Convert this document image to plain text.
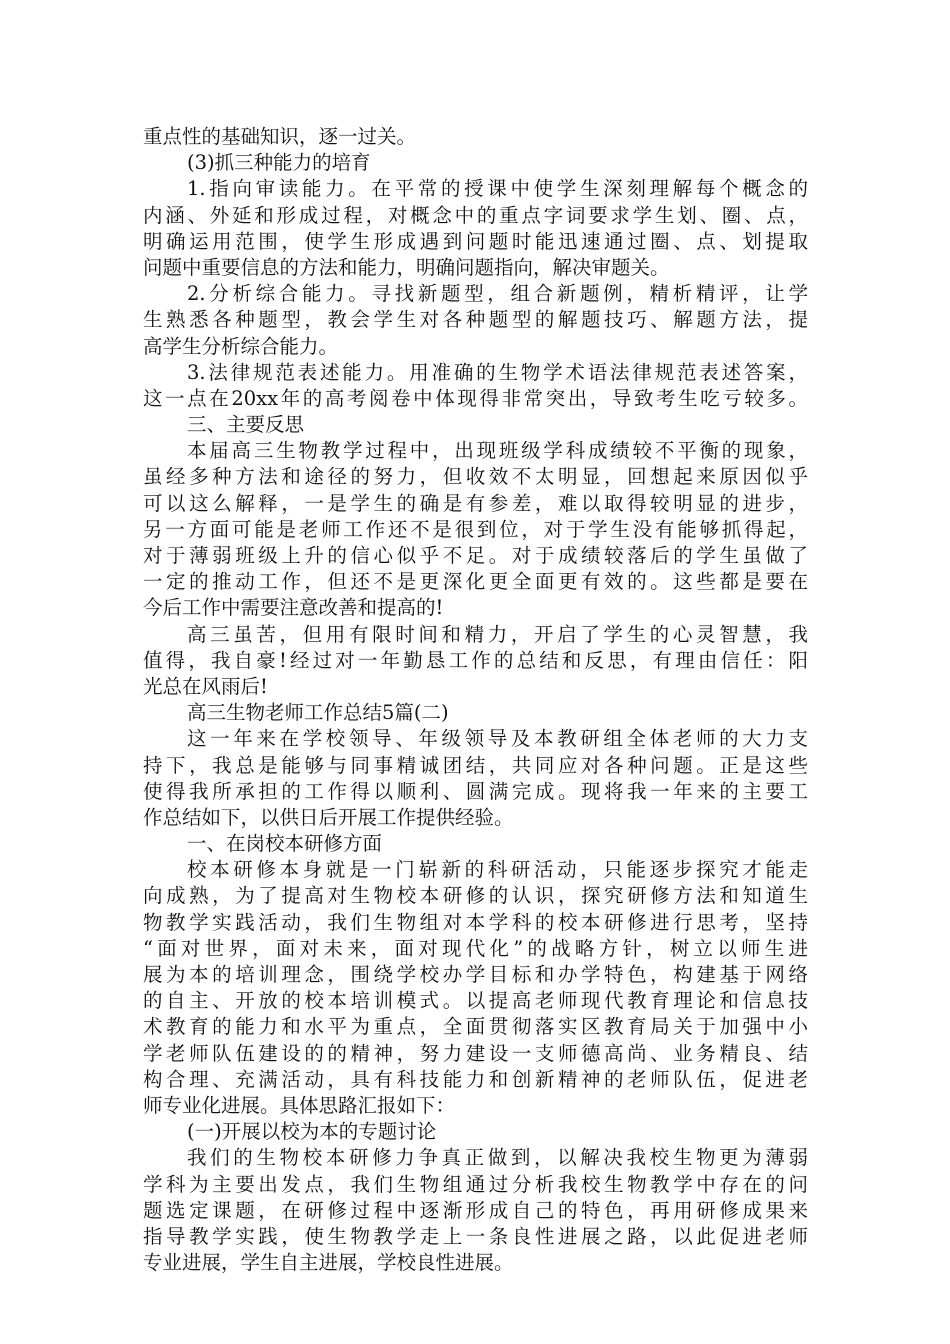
重点性的基础知识，逐一过关。
(3)抓三种能力的培育
1.指向审读能力。在平常的授课中使学生深刻理解每个概念的
内涵、外延和形成过程，对概念中的重点字词要求学生划、圈、点，
明确运用范围，使学生形成遇到问题时能迅速通过圈、点、划提取
问题中重要信息的方法和能力，明确问题指向，解决审题关。
2.分析综合能力。寻找新题型，组合新题例，精析精评，让学
生熟悉各种题型，教会学生对各种题型的解题技巧、解题方法，提
高学生分析综合能力。
3.法律规范表述能力。用准确的生物学术语法律规范表述答案，
这一点在20xx年的高考阅卷中体现得非常突出，导致考生吃亏较多。
三、主要反思
本届高三生物教学过程中，出现班级学科成绩较不平衡的现象，
虽经多种方法和途径的努力，但收效不太明显，回想起来原因似乎
可以这么解释，一是学生的确是有参差，难以取得较明显的进步，
另一方面可能是老师工作还不是很到位，对于学生没有能够抓得起，
对于薄弱班级上升的信心似乎不足。对于成绩较落后的学生虽做了
一定的推动工作，但还不是更深化更全面更有效的。这些都是要在
今后工作中需要注意改善和提高的!
高三虽苦，但用有限时间和精力，开启了学生的心灵智慧，我
值得，我自豪!经过对一年勤恳工作的总结和反思，有理由信任：阳
光总在风雨后!
高三生物老师工作总结5篇(二)
这一年来在学校领导、年级领导及本教研组全体老师的大力支
持下，我总是能够与同事精诚团结，共同应对各种问题。正是这些
使得我所承担的工作得以顺利、圆满完成。现将我一年来的主要工
作总结如下，以供日后开展工作提供经验。
一、在岗校本研修方面
校本研修本身就是一门崭新的科研活动，只能逐步探究才能走
向成熟，为了提高对生物校本研修的认识，探究研修方法和知道生
物教学实践活动，我们生物组对本学科的校本研修进行思考，坚持
“面对世界，面对未来，面对现代化”的战略方针，树立以师生进
展为本的培训理念，围绕学校办学目标和办学特色，构建基于网络
的自主、开放的校本培训模式。以提高老师现代教育理论和信息技
术教育的能力和水平为重点，全面贯彻落实区教育局关于加强中小
学老师队伍建设的的精神，努力建设一支师德高尚、业务精良、结
构合理、充满活动，具有科技能力和创新精神的老师队伍，促进老
师专业化进展。具体思路汇报如下：
(一)开展以校为本的专题讨论
我们的生物校本研修力争真正做到，以解决我校生物更为薄弱
学科为主要出发点，我们生物组通过分析我校生物教学中存在的问
题选定课题，在研修过程中逐渐形成自己的特色，再用研修成果来
指导教学实践，使生物教学走上一条良性进展之路，以此促进老师
专业进展，学生自主进展，学校良性进展。
